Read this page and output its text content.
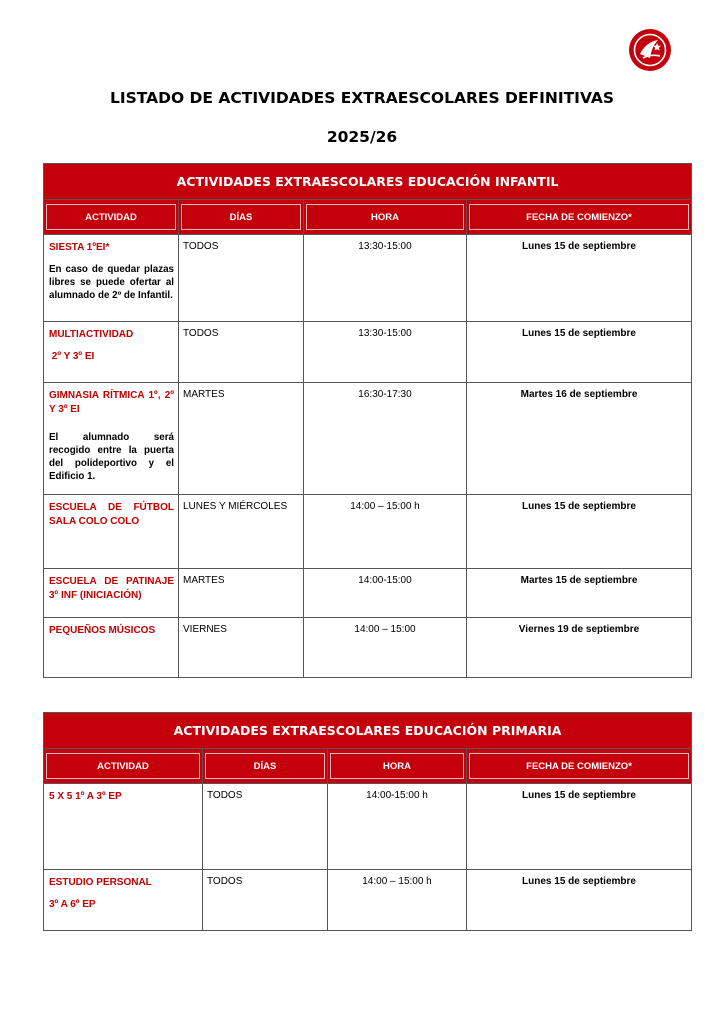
LISTADO DE ACTIVIDADES EXTRAESCOLARES DEFINITIVAS
2025/26
ACTIVIDADES EXTRAESCOLARES EDUCACIÓN INFANTIL			

ACTIVIDAD	DÍAS	HORA	FECHA DE COMIENZO*

SIESTA 1ºEI*
En caso de quedar plazas libres se puede ofertar al alumnado de 2º de Infantil.	TODOS	13:30-15:00	Lunes 15 de septiembre

MULTIACTIVIDAD
2º Y 3º EI	TODOS	13:30-15:00	Lunes 15 de septiembre

GIMNASIA RÍTMICA 1º, 2º Y 3º EI
El alumnado será recogido entre la puerta del polideportivo y el Edificio 1.	MARTES	16:30-17:30	Martes 16 de septiembre

ESCUELA DE FÚTBOL SALA COLO COLO	LUNES Y MIÉRCOLES	14:00 – 15:00 h	Lunes 15 de septiembre

ESCUELA DE PATINAJE 3º INF (INICIACIÓN)	MARTES	14:00-15:00	Martes 15 de septiembre

PEQUEÑOS MÚSICOS	VIERNES	14:00 – 15:00	Viernes 19 de septiembre
ACTIVIDADES EXTRAESCOLARES EDUCACIÓN PRIMARIA			

ACTIVIDAD	DÍAS	HORA	FECHA DE COMIENZO*

5 X 5 1º A 3º EP	TODOS	14:00-15:00 h	Lunes 15 de septiembre

ESTUDIO PERSONAL
3º A 6º EP	TODOS	14:00 – 15:00 h	Lunes 15 de septiembre
